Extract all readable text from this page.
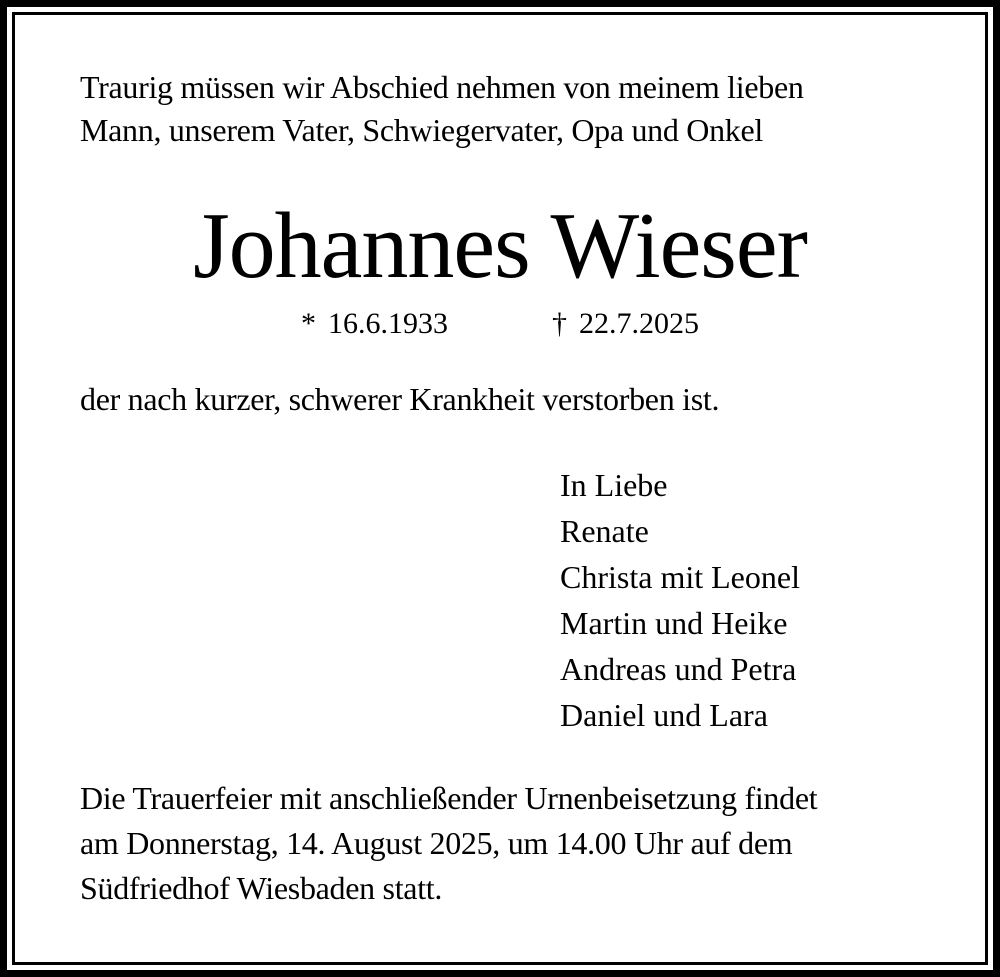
Traurig müssen wir Abschied nehmen von meinem lieben
Mann, unserem Vater, Schwiegervater, Opa und Onkel
Johannes Wieser
* 16.6.1933	† 22.7.2025
der nach kurzer, schwerer Krankheit verstorben ist.
In Liebe
Renate
Christa mit Leonel
Martin und Heike
Andreas und Petra
Daniel und Lara
Die Trauerfeier mit anschließender Urnenbeisetzung findet
am Donnerstag, 14. August 2025, um 14.00 Uhr auf dem
Südfriedhof Wiesbaden statt.
